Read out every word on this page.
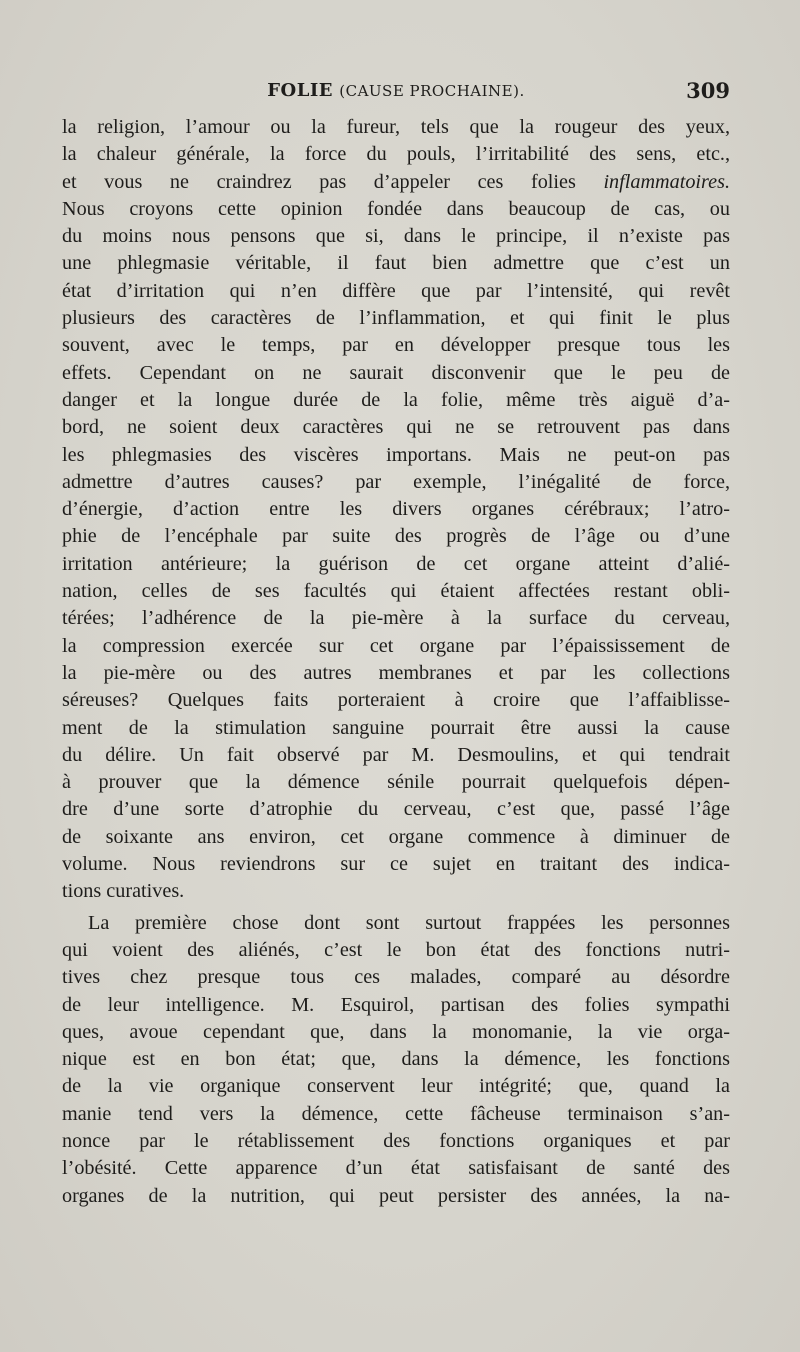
FOLIE (CAUSE PROCHAINE).	309
la religion, l’amour ou la fureur, tels que la rougeur des yeux,
la chaleur générale, la force du pouls, l’irritabilité des sens, etc.,
et vous ne craindrez pas d’appeler ces folies inflammatoires.
Nous croyons cette opinion fondée dans beaucoup de cas, ou
du moins nous pensons que si, dans le principe, il n’existe pas
une phlegmasie véritable, il faut bien admettre que c’est un
état d’irritation qui n’en diffère que par l’intensité, qui revêt
plusieurs des caractères de l’inflammation, et qui finit le plus
souvent, avec le temps, par en développer presque tous les
effets. Cependant on ne saurait disconvenir que le peu de
danger et la longue durée de la folie, même très aiguë d’a-
bord, ne soient deux caractères qui ne se retrouvent pas dans
les phlegmasies des viscères importans. Mais ne peut-on pas
admettre d’autres causes? par exemple, l’inégalité de force,
d’énergie, d’action entre les divers organes cérébraux; l’atro-
phie de l’encéphale par suite des progrès de l’âge ou d’une
irritation antérieure; la guérison de cet organe atteint d’alié-
nation, celles de ses facultés qui étaient affectées restant obli-
térées; l’adhérence de la pie-mère à la surface du cerveau,
la compression exercée sur cet organe par l’épaississement de
la pie-mère ou des autres membranes et par les collections
séreuses? Quelques faits porteraient à croire que l’affaiblisse-
ment de la stimulation sanguine pourrait être aussi la cause
du délire. Un fait observé par M. Desmoulins, et qui tendrait
à prouver que la démence sénile pourrait quelquefois dépen-
dre d’une sorte d’atrophie du cerveau, c’est que, passé l’âge
de soixante ans environ, cet organe commence à diminuer de
volume. Nous reviendrons sur ce sujet en traitant des indica-
tions curatives.
La première chose dont sont surtout frappées les personnes
qui voient des aliénés, c’est le bon état des fonctions nutri-
tives chez presque tous ces malades, comparé au désordre
de leur intelligence. M. Esquirol, partisan des folies sympathi
ques, avoue cependant que, dans la monomanie, la vie orga-
nique est en bon état; que, dans la démence, les fonctions
de la vie organique conservent leur intégrité; que, quand la
manie tend vers la démence, cette fâcheuse terminaison s’an-
nonce par le rétablissement des fonctions organiques et par
l’obésité. Cette apparence d’un état satisfaisant de santé des
organes de la nutrition, qui peut persister des années, la na-
